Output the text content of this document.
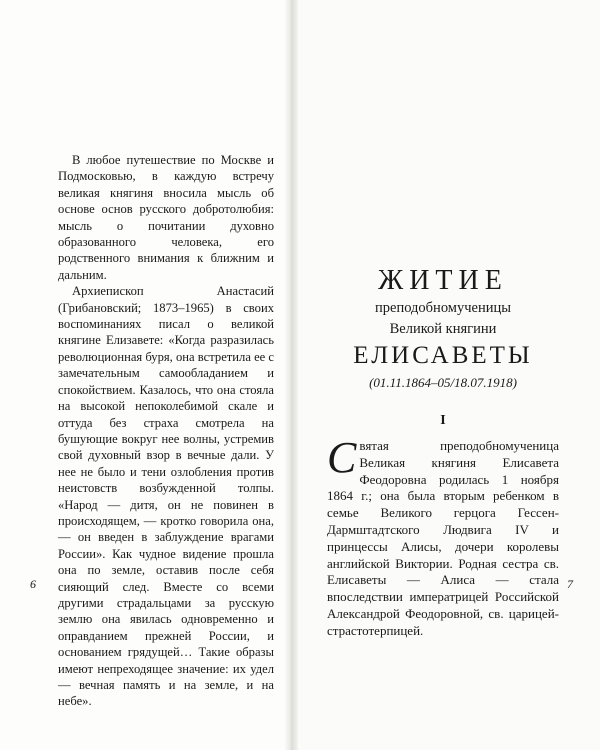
В любое путешествие по Москве и Подмосковью, в каждую встречу великая княгиня вносила мысль об основе основ русского добротолюбия: мысль о почитании духовно образованного человека, его родственного внимания к ближним и дальним.

Архиепископ Анастасий (Грибановский; 1873–1965) в своих воспоминаниях писал о великой княгине Елизавете: «Когда разразилась революционная буря, она встретила ее с замечательным самообладанием и спокойствием. Казалось, что она стояла на высокой непоколебимой скале и оттуда без страха смотрела на бушующие вокруг нее волны, устремив свой духовный взор в вечные дали. У нее не было и тени озлобления против неистовств возбужденной толпы. «Народ — дитя, он не повинен в происходящем, — кротко говорила она, — он введен в заблуждение врагами России». Как чудное видение прошла она по земле, оставив после себя сияющий след. Вместе со всеми другими страдальцами за русскую землю она явилась одновременно и оправданием прежней России, и основанием грядущей… Такие образы имеют непреходящее значение: их удел — вечная память и на земле, и на небе».

6

ЖИТИЕ
преподобномученицы
Великой княгини
ЕЛИСАВЕТЫ
(01.11.1864–05/18.07.1918)
I

Святая преподобномученица Великая княгиня Елисавета Феодоровна родилась 1 ноября 1864 г.; она была вторым ребенком в семье Великого герцога Гессен-Дармштадтского Людвига IV и принцессы Алисы, дочери королевы английской Виктории. Родная сестра св. Елисаветы — Алиса — стала впоследствии императрицей Российской Александрой Феодоровной, св. царицей-страстотерпицей.

7
